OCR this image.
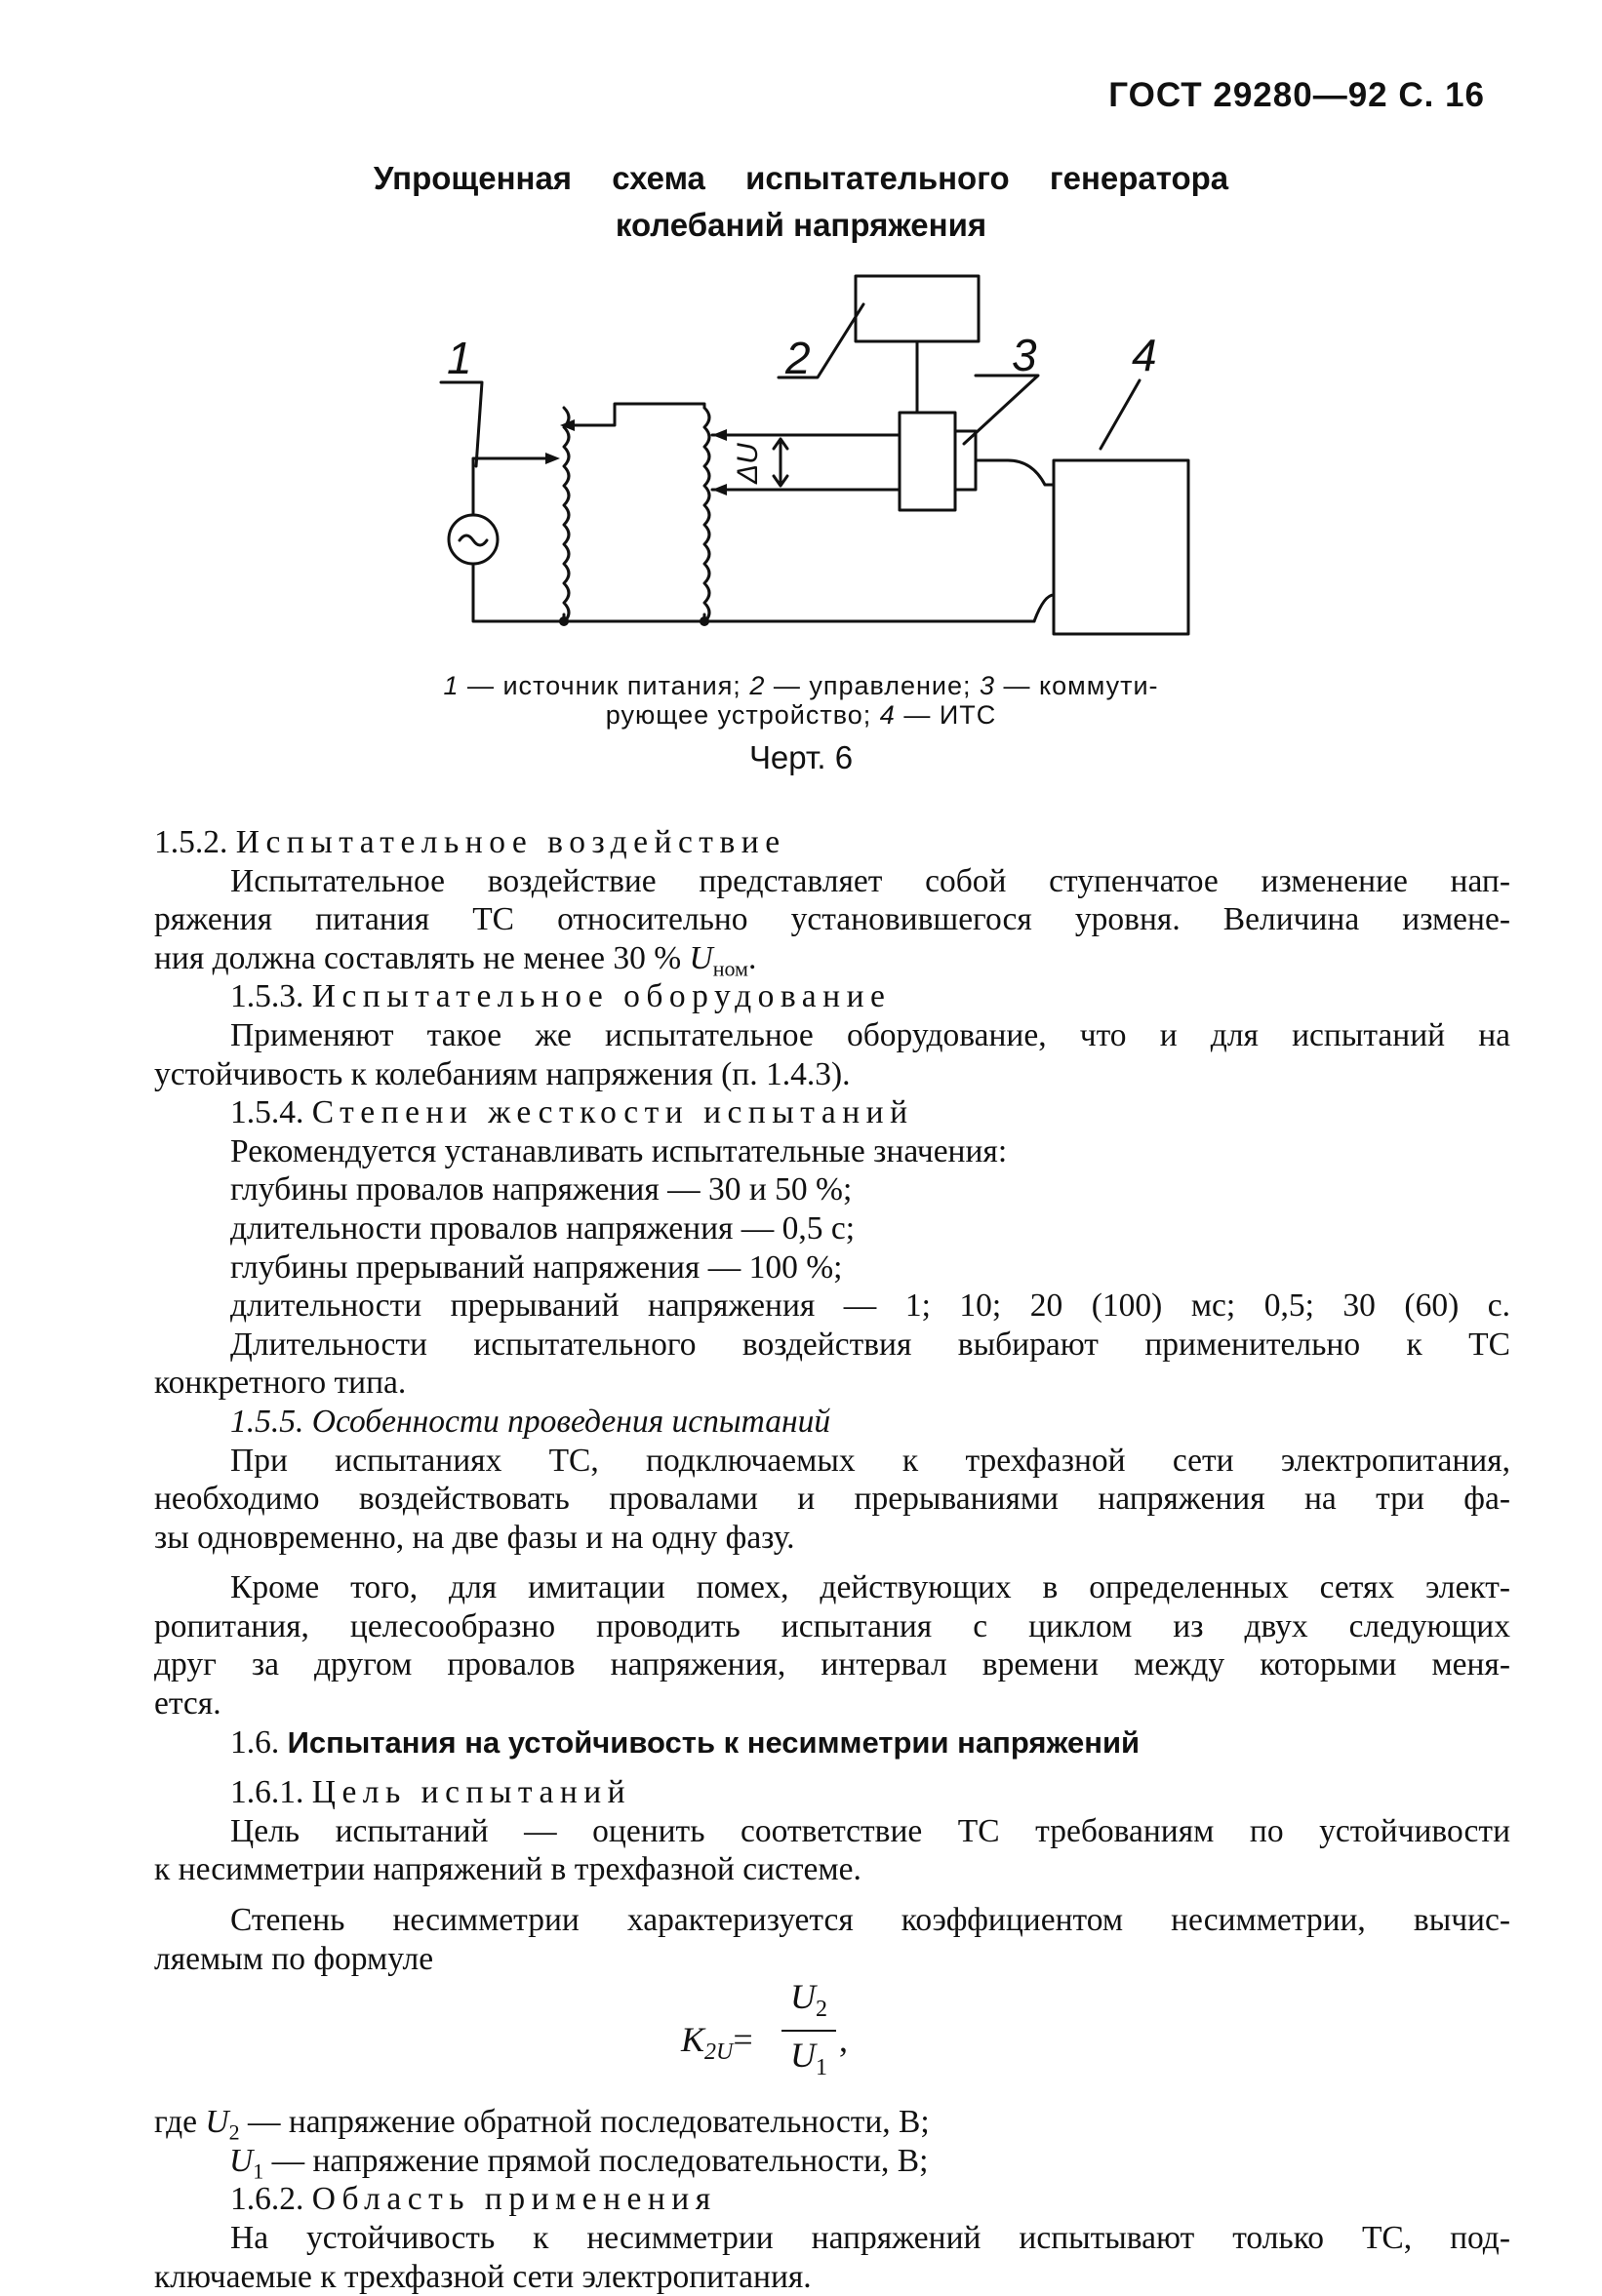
ГОСТ 29280—92 С. 16
Упрощенная схема испытательного генератора
колебаний напряжения
1	2	3 4
ΔU
1 — источник питания; 2 — управление; 3 — коммути-
рующее устройство; 4 — ИТС
Черт. 6
1.5.2. Испытательное воздействие
Испытательное воздействие представляет собой ступенчатое изменение нап-
ряжения питания ТС относительно установившегося уровня. Величина измене-
ния должна составлять не менее 30 % $U_{ном}$.
1.5.3. Испытательное оборудование
Применяют такое же испытательное оборудование, что и для испытаний на
устойчивость к колебаниям напряжения (п. 1.4.3).
1.5.4. Степени жесткости испытаний
Рекомендуется устанавливать испытательные значения:
глубины провалов напряжения — 30 и 50 %;
длительности провалов напряжения — 0,5 с;
глубины прерываний напряжения — 100 %;
длительности прерываний напряжения — 1; 10; 20 (100) мс; 0,5; 30 (60) с.
Длительности испытательного воздействия выбирают применительно к ТС
конкретного типа.
1.5.5. Особенности проведения испытаний
При испытаниях ТС, подключаемых к трехфазной сети электропитания,
необходимо воздействовать провалами и прерываниями напряжения на три фа-
зы одновременно, на две фазы и на одну фазу.
Кроме того, для имитации помех, действующих в определенных сетях элект-
ропитания, целесообразно проводить испытания с циклом из двух следующих
друг за другом провалов напряжения, интервал времени между которыми меня-
ется.
1.6. Испытания на устойчивость к несимметрии напряжений
1.6.1. Цель испытаний
Цель испытаний — оценить соответствие ТС требованиям по устойчивости
к несимметрии напряжений в трехфазной системе.
Степень несимметрии характеризуется коэффициентом несимметрии, вычис-
ляемым по формуле
$K_{2U}=$
$U_2$
$U_1$
,
где $U_2$ — напряжение обратной последовательности, В;
$U_1$ — напряжение прямой последовательности, В;
1.6.2. Область применения
На устойчивость к несимметрии напряжений испытывают только ТС, под-
ключаемые к трехфазной сети электропитания.
